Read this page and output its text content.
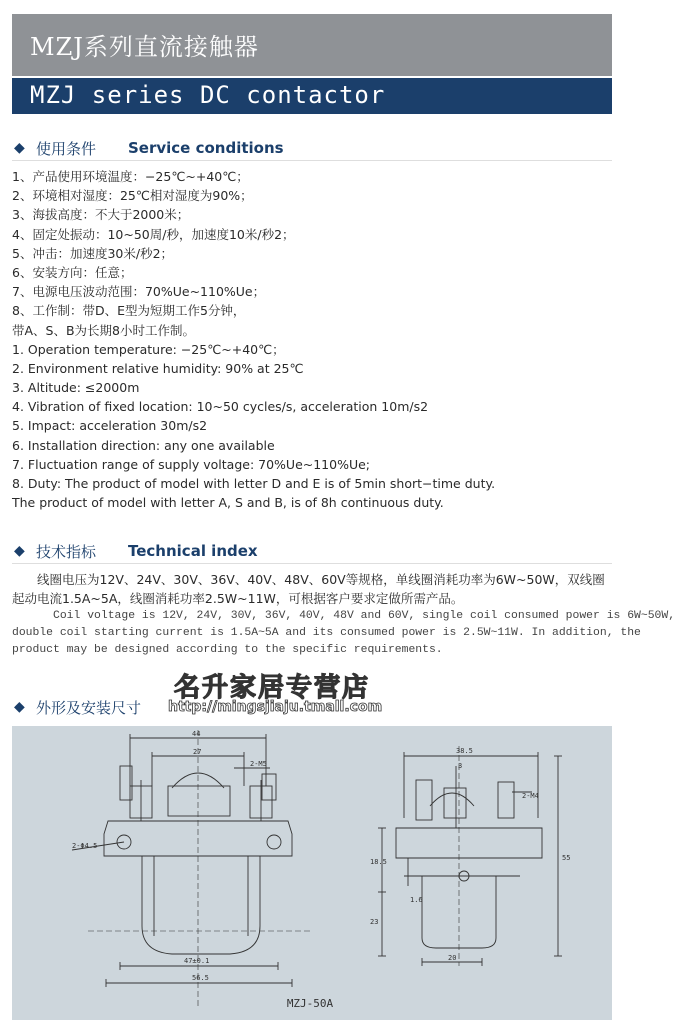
MZJ系列直流接触器
MZJ series DC contactor
◆ 使用条件 Service conditions
1、产品使用环境温度：−25℃~+40℃；
2、环境相对湿度：25℃相对湿度为90%；
3、海拔高度：不大于2000米；
4、固定处振动：10~50周/秒，加速度10米/秒2；
5、冲击：加速度30米/秒2；
6、安装方向：任意；
7、电源电压波动范围：70%Ue~110%Ue；
8、工作制：带D、E型为短期工作5分钟，
带A、S、B为长期8小时工作制。
1. Operation temperature: −25℃~+40℃；
2. Environment relative humidity: 90% at 25℃
3. Altitude: ≤2000m
4. Vibration of fixed location: 10~50 cycles/s, acceleration 10m/s2
5. Impact: acceleration 30m/s2
6. Installation direction: any one available
7. Fluctuation range of supply voltage: 70%Ue~110%Ue;
8. Duty: The product of model with letter D and E is of 5min short−time duty.
The product of model with letter A, S and B, is of 8h continuous duty.
◆ 技术指标 Technical index
线圈电压为12V、24V、30V、36V、40V、48V、60V等规格，单线圈消耗功率为6W~50W，双线圈
起动电流1.5A~5A，线圈消耗功率2.5W~11W，可根据客户要求定做所需产品。
Coil voltage is 12V, 24V, 30V, 36V, 40V, 48V and 60V, single coil consumed power is 6W~50W,
double coil starting current is 1.5A~5A and its consumed power is 2.5W~11W. In addition, the
product may be designed according to the specific requirements.
◆ 外形及安装尺寸
44
27
2-M5
2-Φ4.5
47±0.1
56.5
38.5
3
2-M4
18.5
23
55
1.6
20
MZJ-50A
名升家居专营店
http://mingsjiaju.tmall.com
